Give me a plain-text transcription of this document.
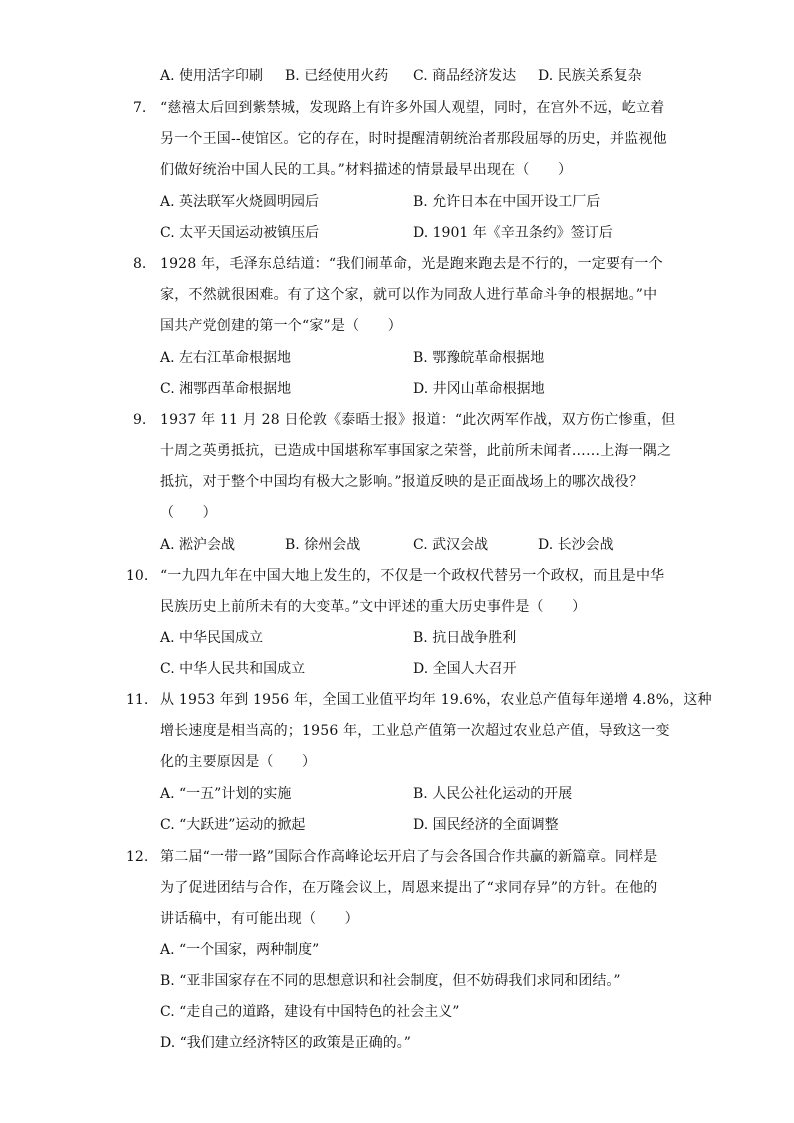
A. 使用活字印刷 B. 已经使用火药 C. 商品经济发达 D. 民族关系复杂
7. “慈禧太后回到紫禁城，发现路上有许多外国人观望，同时，在宫外不远，屹立着
另一个王国--使馆区。它的存在，时时提醒清朝统治者那段屈辱的历史，并监视他
们做好统治中国人民的工具。”材料描述的情景最早出现在（　　）
A. 英法联军火烧圆明园后	B. 允许日本在中国开设工厂后
C. 太平天国运动被镇压后	D. 1901 年《辛丑条约》签订后
8. 1928 年，毛泽东总结道：“我们闹革命，光是跑来跑去是不行的，一定要有一个
家，不然就很困难。有了这个家，就可以作为同敌人进行革命斗争的根据地。”中
国共产党创建的第一个“家”是（　　）
A. 左右江革命根据地	B. 鄂豫皖革命根据地
C. 湘鄂西革命根据地	D. 井冈山革命根据地
9. 1937 年 11 月 28 日伦敦《泰晤士报》报道：“此次两军作战，双方伤亡惨重，但
十周之英勇抵抗，已造成中国堪称军事国家之荣誉，此前所未闻者……上海一隅之
抵抗，对于整个中国均有极大之影响。”报道反映的是正面战场上的哪次战役？
（　　）
A. 淞沪会战	B. 徐州会战	C. 武汉会战	D. 长沙会战
10. “一九四九年在中国大地上发生的，不仅是一个政权代替另一个政权，而且是中华
民族历史上前所未有的大变革。”文中评述的重大历史事件是（　　）
A. 中华民国成立	B. 抗日战争胜利
C. 中华人民共和国成立	D. 全国人大召开
11. 从 1953 年到 1956 年，全国工业值平均年 19.6%，农业总产值每年递增 4.8%，这种
增长速度是相当高的；1956 年，工业总产值第一次超过农业总产值，导致这一变
化的主要原因是（　　）
A. “一五”计划的实施	B. 人民公社化运动的开展
C. “大跃进”运动的掀起	D. 国民经济的全面调整
12. 第二届“一带一路”国际合作高峰论坛开启了与会各国合作共赢的新篇章。同样是
为了促进团结与合作，在万隆会议上，周恩来提出了“求同存异”的方针。在他的
讲话稿中，有可能出现（　　）
A. “一个国家，两种制度”
B. “亚非国家存在不同的思想意识和社会制度，但不妨碍我们求同和团结。”
C. “走自己的道路，建设有中国特色的社会主义”
D. “我们建立经济特区的政策是正确的。”
